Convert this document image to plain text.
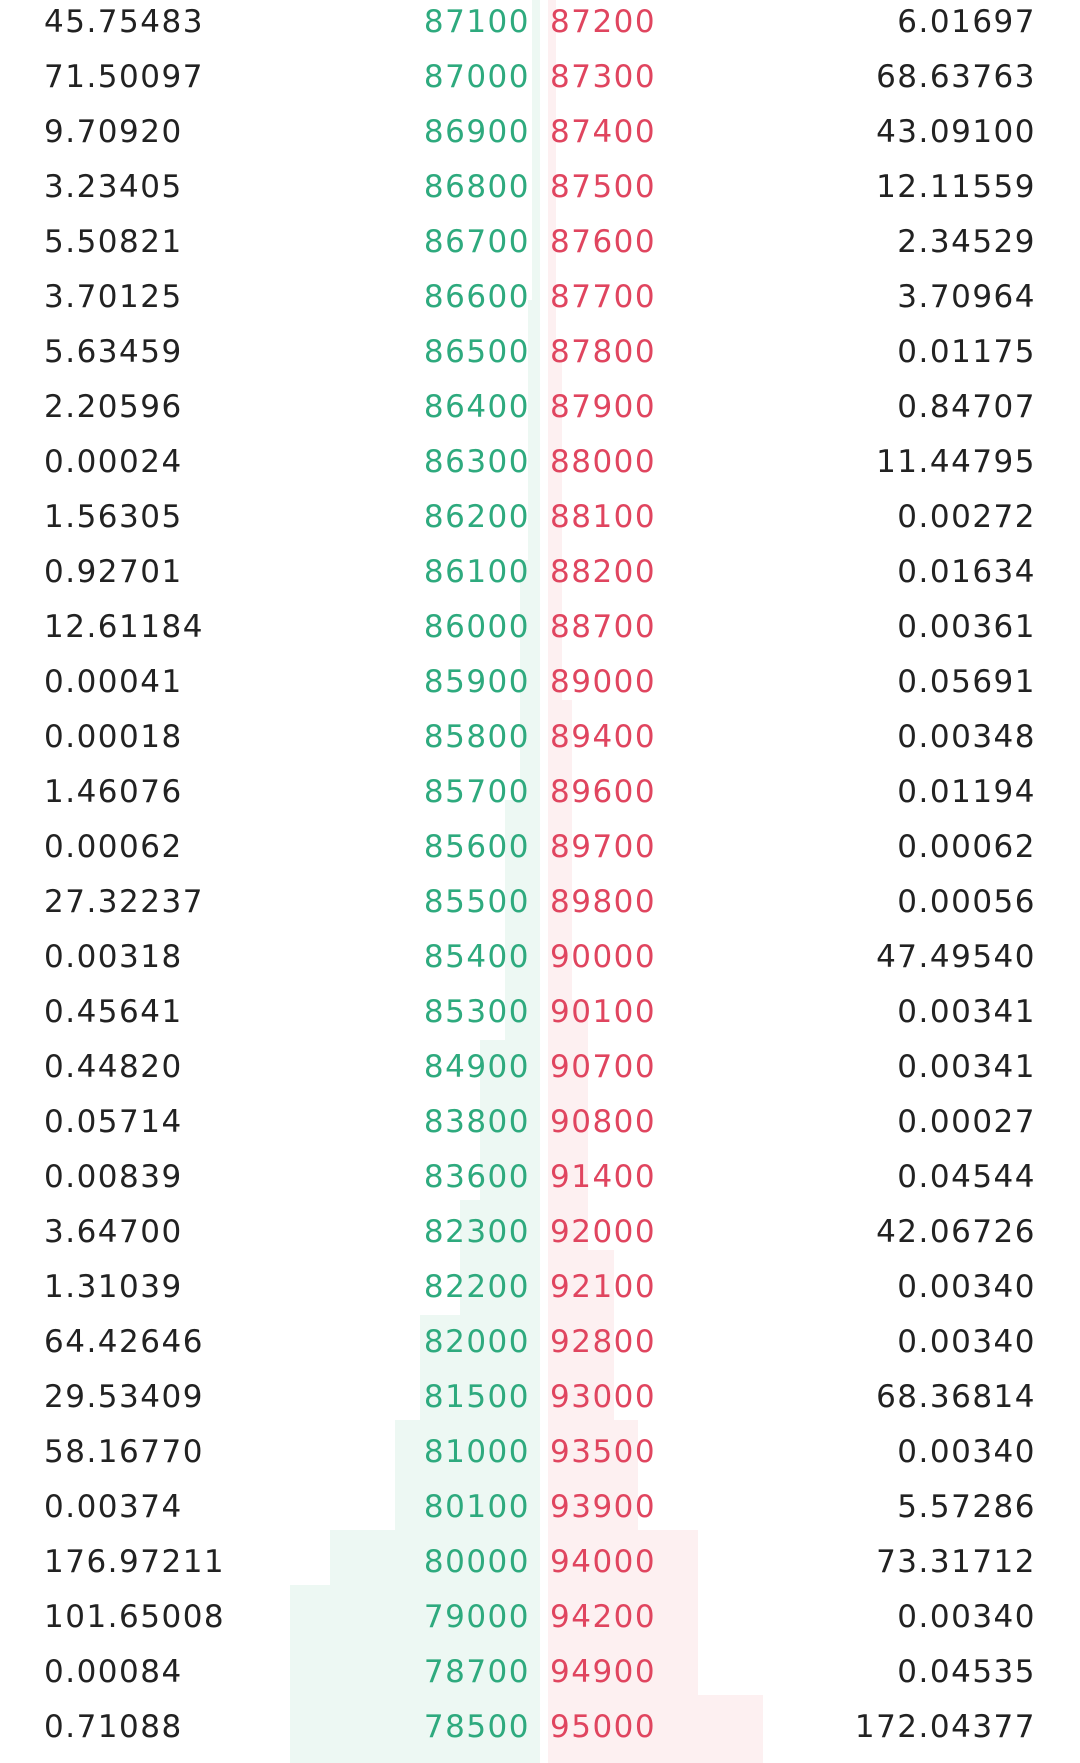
45.75483	87100 87200	6.01697
71.50097	87000 87300	68.63763
9.70920	86900 87400	43.09100
3.23405	86800 87500	12.11559
5.50821	86700 87600	2.34529
3.70125	86600 87700	3.70964
5.63459	86500 87800	0.01175
2.20596	86400 87900	0.84707
0.00024	86300 88000	11.44795
1.56305	86200 88100	0.00272
0.92701	86100 88200	0.01634
12.61184	86000 88700	0.00361
0.00041	85900 89000	0.05691
0.00018	85800 89400	0.00348
1.46076	85700 89600	0.01194
0.00062	85600 89700	0.00062
27.32237	85500 89800	0.00056
0.00318	85400 90000	47.49540
0.45641	85300 90100	0.00341
0.44820	84900 90700	0.00341
0.05714	83800 90800	0.00027
0.00839	83600 91400	0.04544
3.64700	82300 92000	42.06726
1.31039	82200 92100	0.00340
64.42646	82000 92800	0.00340
29.53409	81500 93000	68.36814
58.16770	81000 93500	0.00340
0.00374	80100 93900	5.57286
176.97211	80000 94000	73.31712
101.65008	79000 94200	0.00340
0.00084	78700 94900	0.04535
0.71088	78500 95000	172.04377
